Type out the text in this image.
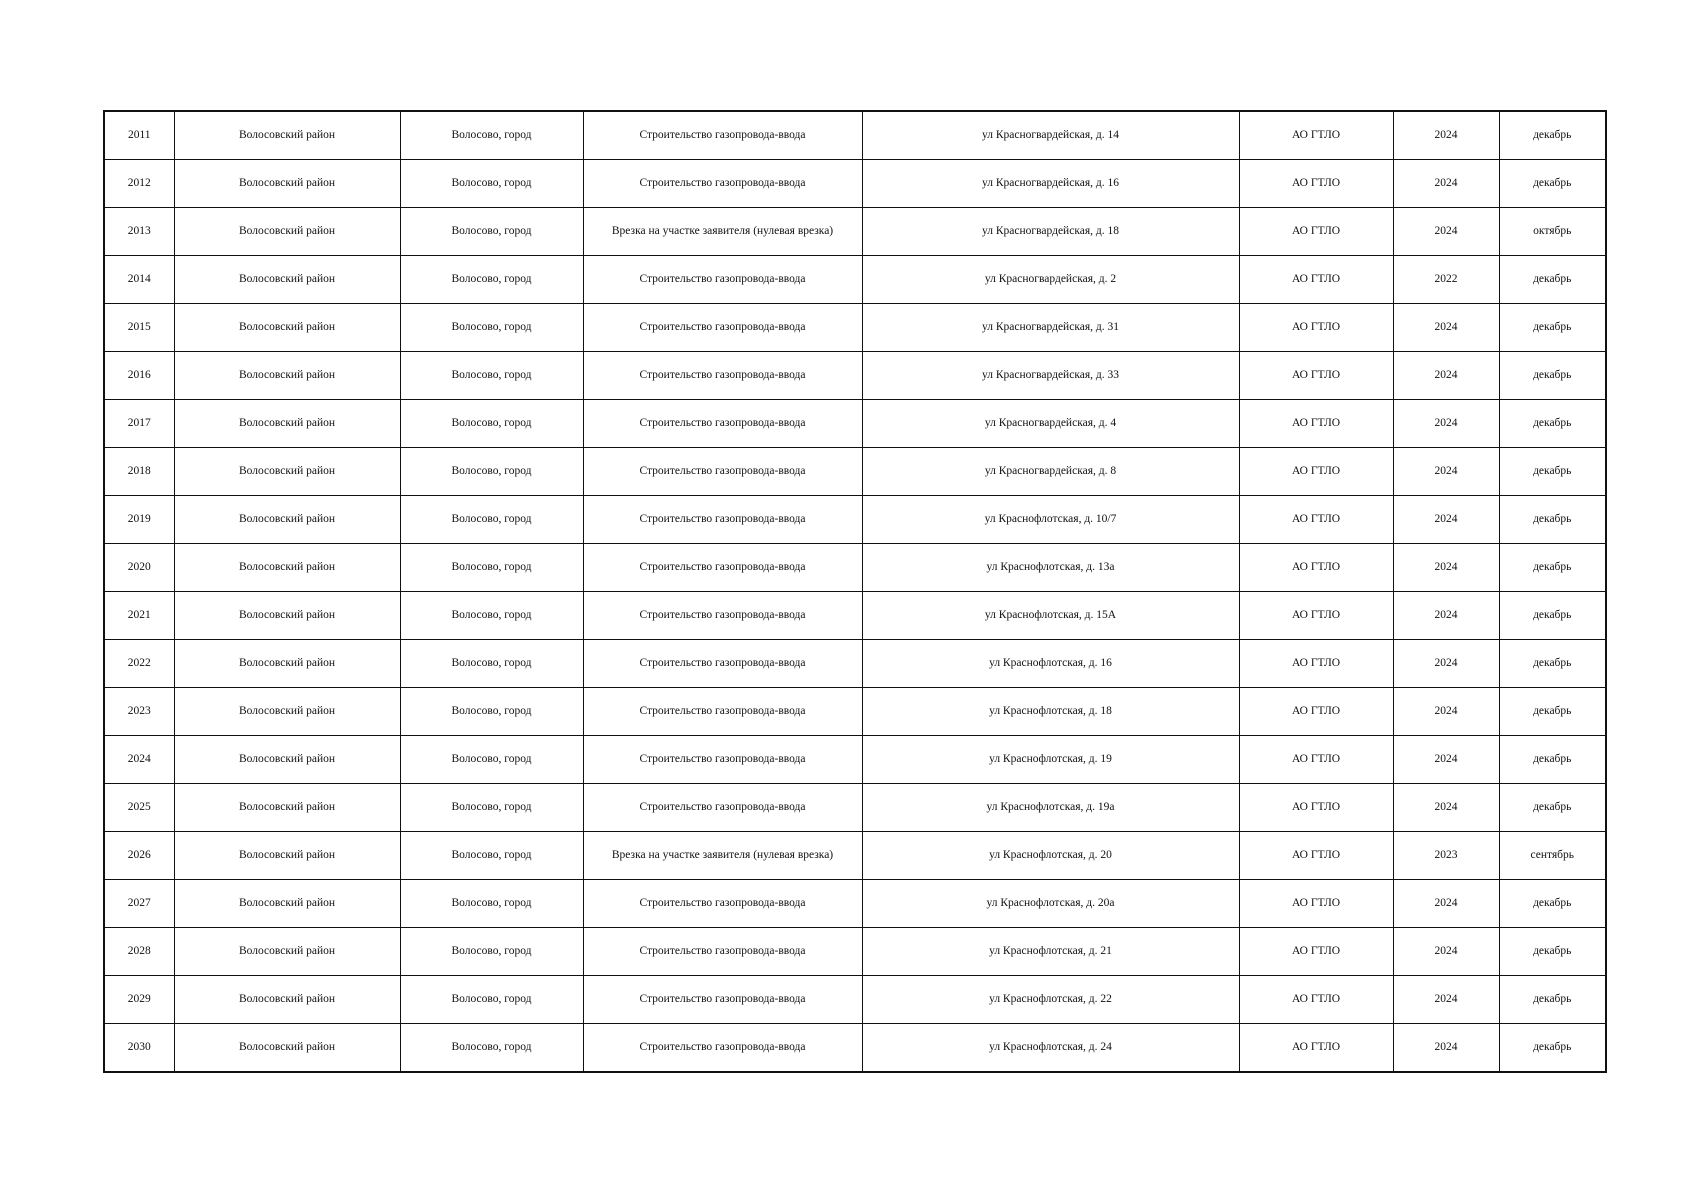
2011	Волосовский район	Волосово, город	Строительство газопровода-ввода	ул Красногвардейская, д. 14	АО ГТЛО	2024	декабрь
2012	Волосовский район	Волосово, город	Строительство газопровода-ввода	ул Красногвардейская, д. 16	АО ГТЛО	2024	декабрь
2013	Волосовский район	Волосово, город	Врезка на участке заявителя (нулевая врезка)	ул Красногвардейская, д. 18	АО ГТЛО	2024	октябрь
2014	Волосовский район	Волосово, город	Строительство газопровода-ввода	ул Красногвардейская, д. 2	АО ГТЛО	2022	декабрь
2015	Волосовский район	Волосово, город	Строительство газопровода-ввода	ул Красногвардейская, д. 31	АО ГТЛО	2024	декабрь
2016	Волосовский район	Волосово, город	Строительство газопровода-ввода	ул Красногвардейская, д. 33	АО ГТЛО	2024	декабрь
2017	Волосовский район	Волосово, город	Строительство газопровода-ввода	ул Красногвардейская, д. 4	АО ГТЛО	2024	декабрь
2018	Волосовский район	Волосово, город	Строительство газопровода-ввода	ул Красногвардейская, д. 8	АО ГТЛО	2024	декабрь
2019	Волосовский район	Волосово, город	Строительство газопровода-ввода	ул Краснофлотская, д. 10/7	АО ГТЛО	2024	декабрь
2020	Волосовский район	Волосово, город	Строительство газопровода-ввода	ул Краснофлотская, д. 13а	АО ГТЛО	2024	декабрь
2021	Волосовский район	Волосово, город	Строительство газопровода-ввода	ул Краснофлотская, д. 15А	АО ГТЛО	2024	декабрь
2022	Волосовский район	Волосово, город	Строительство газопровода-ввода	ул Краснофлотская, д. 16	АО ГТЛО	2024	декабрь
2023	Волосовский район	Волосово, город	Строительство газопровода-ввода	ул Краснофлотская, д. 18	АО ГТЛО	2024	декабрь
2024	Волосовский район	Волосово, город	Строительство газопровода-ввода	ул Краснофлотская, д. 19	АО ГТЛО	2024	декабрь
2025	Волосовский район	Волосово, город	Строительство газопровода-ввода	ул Краснофлотская, д. 19а	АО ГТЛО	2024	декабрь
2026	Волосовский район	Волосово, город	Врезка на участке заявителя (нулевая врезка)	ул Краснофлотская, д. 20	АО ГТЛО	2023	сентябрь
2027	Волосовский район	Волосово, город	Строительство газопровода-ввода	ул Краснофлотская, д. 20а	АО ГТЛО	2024	декабрь
2028	Волосовский район	Волосово, город	Строительство газопровода-ввода	ул Краснофлотская, д. 21	АО ГТЛО	2024	декабрь
2029	Волосовский район	Волосово, город	Строительство газопровода-ввода	ул Краснофлотская, д. 22	АО ГТЛО	2024	декабрь
2030	Волосовский район	Волосово, город	Строительство газопровода-ввода	ул Краснофлотская, д. 24	АО ГТЛО	2024	декабрь
